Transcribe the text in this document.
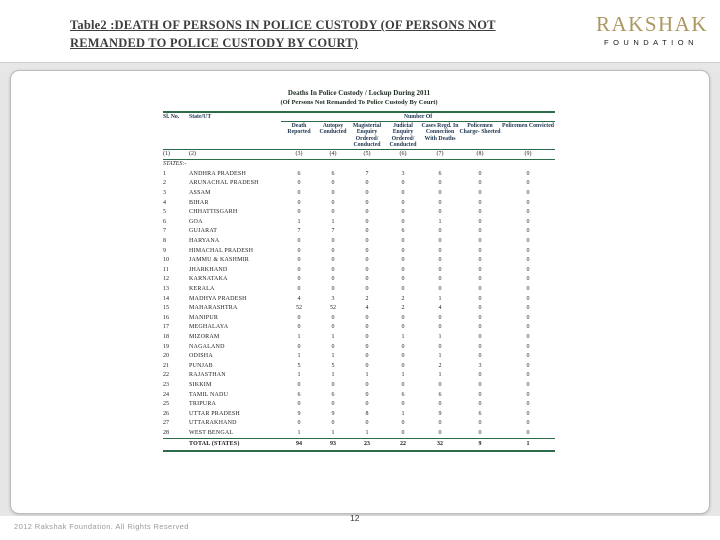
Table2 :DEATH OF PERSONS IN POLICE CUSTODY (OF PERSONS NOT
REMANDED TO POLICE CUSTODY BY COURT)
RAKSHAK
FOUNDATION
Deaths In Police Custody / Lockup During 2011
(Of Persons Not Remanded To Police Custody By Court)
Sl. No.	State/UT	Number Of						
		Death Reported	Autopsy Conducted	Magisterial Enquiry Ordered/ Conducted	Judicial Enquiry Ordered/ Conducted	Cases Regd. In Connection With Deaths	Policemen Charge- Sheeted	Policemen Convicted
(1)	(2)	(3)	(4)	(5)	(6)	(7)	(8)	(9)
STATES:-								
1	ANDHRA PRADESH	6	6	7	3	6	0	0
2	ARUNACHAL PRADESH	0	0	0	0	0	0	0
3	ASSAM	0	0	0	0	0	0	0
4	BIHAR	0	0	0	0	0	0	0
5	CHHATTISGARH	0	0	0	0	0	0	0
6	GOA	1	1	0	0	1	0	0
7	GUJARAT	7	7	0	6	0	0	0
8	HARYANA	0	0	0	0	0	0	0
9	HIMACHAL PRADESH	0	0	0	0	0	0	0
10	JAMMU & KASHMIR	0	0	0	0	0	0	0
11	JHARKHAND	0	0	0	0	0	0	0
12	KARNATAKA	0	0	0	0	0	0	0
13	KERALA	0	0	0	0	0	0	0
14	MADHYA PRADESH	4	3	2	2	1	0	0
15	MAHARASHTRA	52	52	4	2	4	0	0
16	MANIPUR	0	0	0	0	0	0	0
17	MEGHALAYA	0	0	0	0	0	0	0
18	MIZORAM	1	1	0	1	1	0	0
19	NAGALAND	0	0	0	0	0	0	0
20	ODISHA	1	1	0	0	1	0	0
21	PUNJAB	5	5	0	0	2	3	0
22	RAJASTHAN	1	1	1	1	1	0	0
23	SIKKIM	0	0	0	0	0	0	0
24	TAMIL NADU	6	6	0	6	6	0	0
25	TRIPURA	0	0	0	0	0	0	0
26	UTTAR PRADESH	9	9	8	1	9	6	0
27	UTTARAKHAND	0	0	0	0	0	0	0
28	WEST BENGAL	1	1	1	0	0	0	0
	TOTAL (STATES)	94	93	23	22	32	9	1
2012 Rakshak Foundation. All Rights Reserved
12
